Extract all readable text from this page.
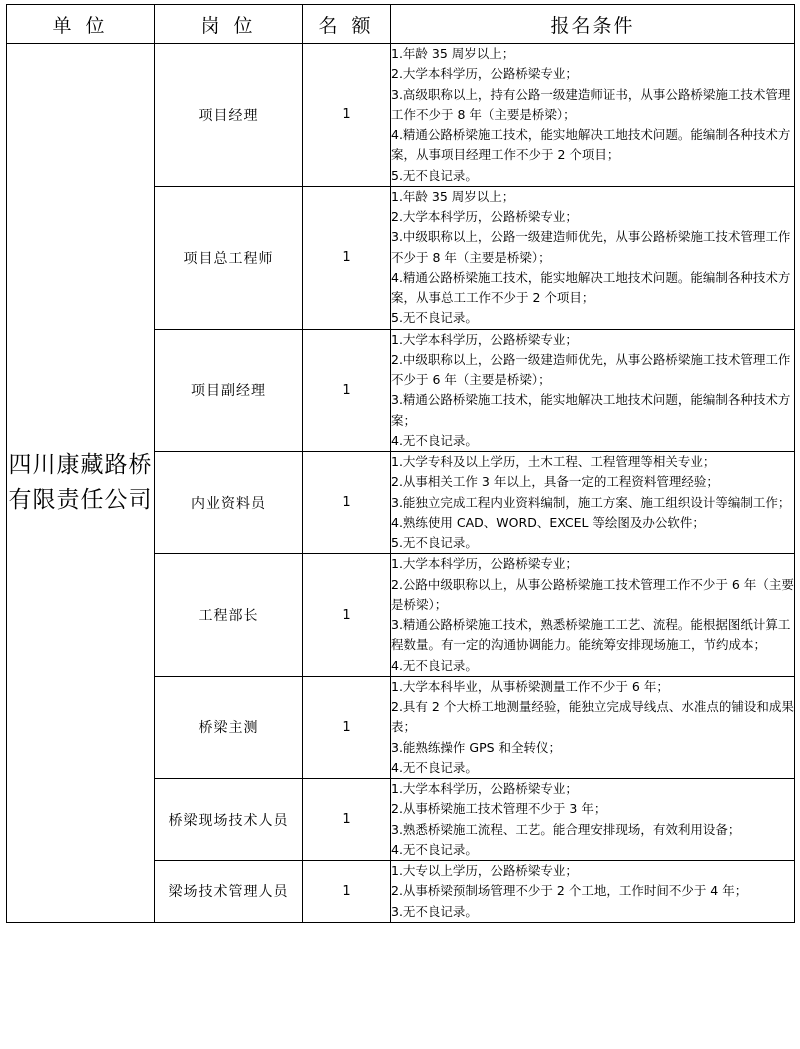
单 位	岗 位	名 额	报名条件
四川康藏路桥有限责任公司	项目经理	1	1.年龄 35 周岁以上；
2.大学本科学历，公路桥梁专业；
3.高级职称以上，持有公路一级建造师证书，从事公路桥梁施工技术管理工作不少于 8 年（主要是桥梁）；
4.精通公路桥梁施工技术，能实地解决工地技术问题。能编制各种技术方案，从事项目经理工作不少于 2 个项目；
5.无不良记录。

	项目总工程师	1	1.年龄 35 周岁以上；
2.大学本科学历，公路桥梁专业；
3.中级职称以上，公路一级建造师优先，从事公路桥梁施工技术管理工作不少于 8 年（主要是桥梁）；
4.精通公路桥梁施工技术，能实地解决工地技术问题。能编制各种技术方案，从事总工工作不少于 2 个项目；
5.无不良记录。

	项目副经理	1	1.大学本科学历，公路桥梁专业；
2.中级职称以上，公路一级建造师优先，从事公路桥梁施工技术管理工作不少于 6 年（主要是桥梁）；
3.精通公路桥梁施工技术，能实地解决工地技术问题，能编制各种技术方案；
4.无不良记录。

	内业资料员	1	1.大学专科及以上学历，土木工程、工程管理等相关专业；
2.从事相关工作 3 年以上，具备一定的工程资料管理经验；
3.能独立完成工程内业资料编制，施工方案、施工组织设计等编制工作；
4.熟练使用 CAD、WORD、EXCEL 等绘图及办公软件；
5.无不良记录。

	工程部长	1	1.大学本科学历，公路桥梁专业；
2.公路中级职称以上，从事公路桥梁施工技术管理工作不少于 6 年（主要是桥梁）；
3.精通公路桥梁施工技术，熟悉桥梁施工工艺、流程。能根据图纸计算工程数量。有一定的沟通协调能力。能统筹安排现场施工，节约成本；
4.无不良记录。

	桥梁主测	1	1.大学本科毕业，从事桥梁测量工作不少于 6 年；
2.具有 2 个大桥工地测量经验，能独立完成导线点、水准点的铺设和成果表；
3.能熟练操作 GPS 和全转仪；
4.无不良记录。

	桥梁现场技术人员	1	1.大学本科学历，公路桥梁专业；
2.从事桥梁施工技术管理不少于 3 年；
3.熟悉桥梁施工流程、工艺。能合理安排现场，有效利用设备；
4.无不良记录。

	梁场技术管理人员	1	1.大专以上学历，公路桥梁专业；
2.从事桥梁预制场管理不少于 2 个工地，工作时间不少于 4 年；
3.无不良记录。
